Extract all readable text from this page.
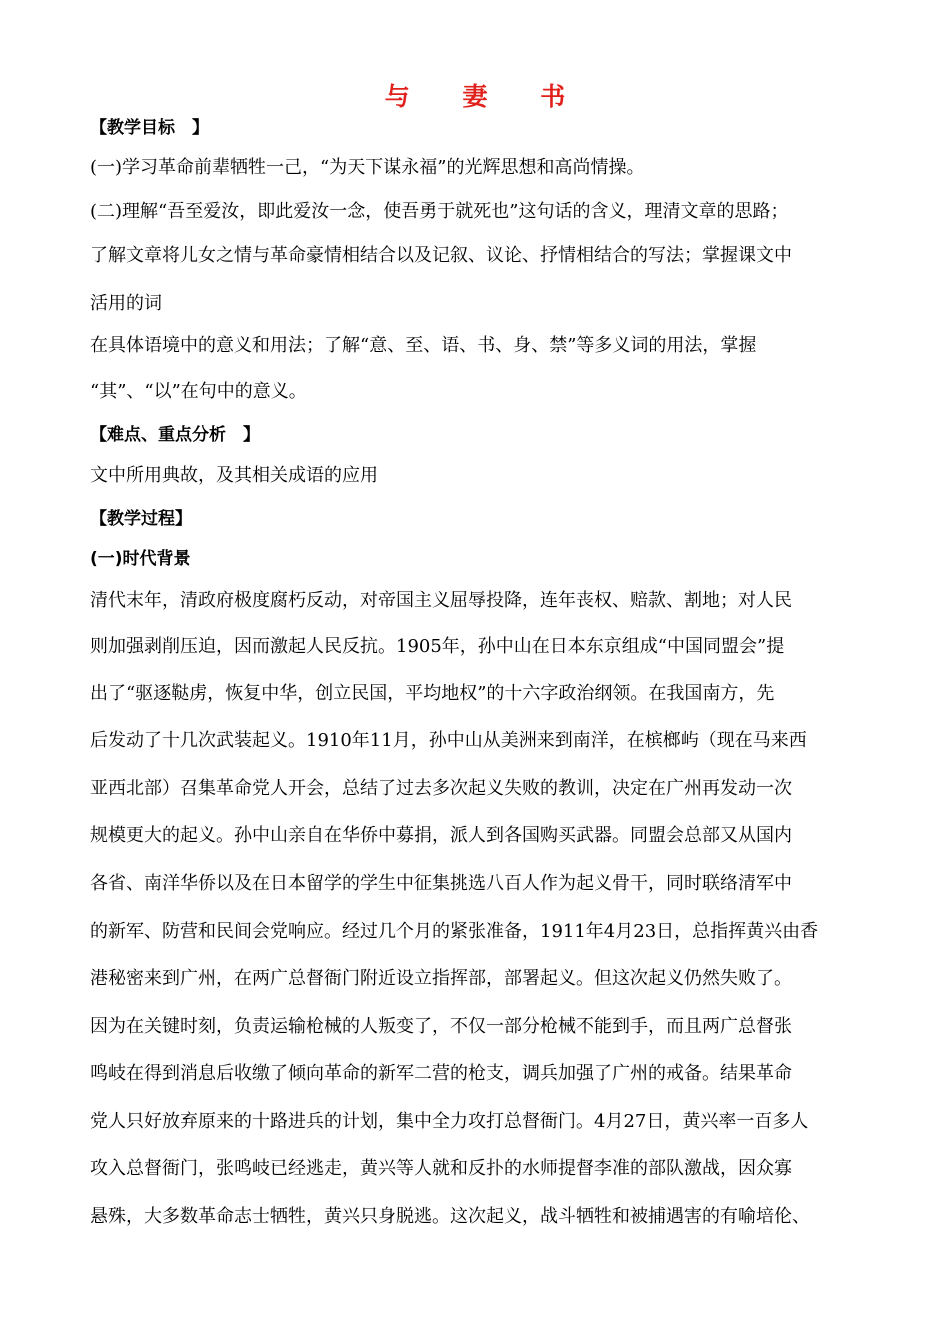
与 妻 书
【教学目标　】
(一)学习革命前辈牺牲一己，“为天下谋永福”的光辉思想和高尚情操。
(二)理解“吾至爱汝，即此爱汝一念，使吾勇于就死也”这句话的含义，理清文章的思路；
了解文章将儿女之情与革命豪情相结合以及记叙、议论、抒情相结合的写法；掌握课文中
活用的词
在具体语境中的意义和用法；了解“意、至、语、书、身、禁”等多义词的用法，掌握
“其”、“以”在句中的意义。
【难点、重点分析　】
文中所用典故，及其相关成语的应用
【教学过程】
(一)时代背景
清代末年，清政府极度腐朽反动，对帝国主义屈辱投降，连年丧权、赔款、割地；对人民
则加强剥削压迫，因而激起人民反抗。1905年，孙中山在日本东京组成“中国同盟会”提
出了“驱逐鞑虏，恢复中华，创立民国，平均地权”的十六字政治纲领。在我国南方，先
后发动了十几次武装起义。1910年11月，孙中山从美洲来到南洋，在槟榔屿（现在马来西
亚西北部）召集革命党人开会，总结了过去多次起义失败的教训，决定在广州再发动一次
规模更大的起义。孙中山亲自在华侨中募捐，派人到各国购买武器。同盟会总部又从国内
各省、南洋华侨以及在日本留学的学生中征集挑选八百人作为起义骨干，同时联络清军中
的新军、防营和民间会党响应。经过几个月的紧张准备，1911年4月23日，总指挥黄兴由香
港秘密来到广州，在两广总督衙门附近设立指挥部，部署起义。但这次起义仍然失败了。
因为在关键时刻，负责运输枪械的人叛变了，不仅一部分枪械不能到手，而且两广总督张
鸣岐在得到消息后收缴了倾向革命的新军二营的枪支，调兵加强了广州的戒备。结果革命
党人只好放弃原来的十路进兵的计划，集中全力攻打总督衙门。4月27日，黄兴率一百多人
攻入总督衙门，张鸣岐已经逃走，黄兴等人就和反扑的水师提督李准的部队激战，因众寡
悬殊，大多数革命志士牺牲，黄兴只身脱逃。这次起义，战斗牺牲和被捕遇害的有喻培伦、
